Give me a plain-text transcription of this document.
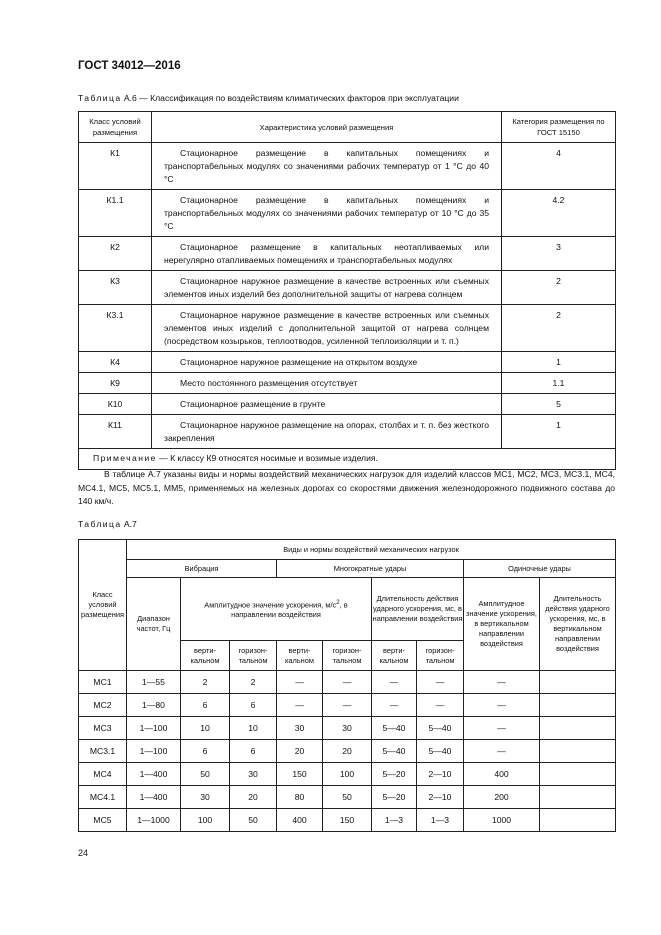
ГОСТ 34012—2016
Таблица А.6 — Классификация по воздействиям климатических факторов при эксплуатации
Класс условий размещения	Характеристика условий размещения	Категория размещения по ГОСТ 15150
К1	Стационарное размещение в капитальных помещениях и транспортабельных модулях со значениями рабочих температур от 1 °С до 40 °С	4
К1.1	Стационарное размещение в капитальных помещениях и транспортабельных модулях со значениями рабочих температур от 10 °С до 35 °С	4.2
К2	Стационарное размещение в капитальных неотапливаемых или нерегулярно отапливаемых помещениях и транспортабельных модулях	3
К3	Стационарное наружное размещение в качестве встроенных или съемных элементов иных изделий без дополнительной защиты от нагрева солнцем	2
К3.1	Стационарное наружное размещение в качестве встроенных или съемных элементов иных изделий с дополнительной защитой от нагрева солнцем (посредством козырьков, теплоотводов, усиленной теплоизоляции и т. п.)	2
К4	Стационарное наружное размещение на открытом воздухе	1
К9	Место постоянного размещения отсутствует	1.1
К10	Стационарное размещение в грунте	5
К11	Стационарное наружное размещение на опорах, столбах и т. п. без жесткого закрепления	1
Примечание — К классу К9 относятся носимые и возимые изделия.		
В таблице А.7 указаны виды и нормы воздействий механических нагрузок для изделий классов МС1, МС2, МС3, МС3.1, МС4, МС4.1, МС5, МС5.1, ММ5, применяемых на железных дорогах со скоростями движения железнодорожного подвижного состава до 140 км/ч.
Таблица А.7
Класс условий размещения	Виды и нормы воздействий механических нагрузок								
	Вибрация			Многократные удары				Одиночные удары	
	Диапазон частот, Гц	Амплитудное значение ускорения, $м/с^2$, в направлении воздействия				Длительность действия ударного ускорения, мс, в направлении воздействия		Амплитудное значение ускорения, в вертикальном направлении воздействия	Длительность действия ударного ускорения, мс, в вертикальном направлении воздействия
		верти-кальном	горизон-тальном	верти-кальном	горизон-тальном	верти-кальном	горизон-тальном		
МС1	1—55	2	2	—	—	—	—	—	
МС2	1—80	6	6	—	—	—	—	—	
МС3	1—100	10	10	30	30	5—40	5—40	—	
МС3.1	1—100	6	6	20	20	5—40	5—40	—	
МС4	1—400	50	30	150	100	5—20	2—10	400	
МС4.1	1—400	30	20	80	50	5—20	2—10	200	
МС5	1—1000	100	50	400	150	1—3	1—3	1000	
24
